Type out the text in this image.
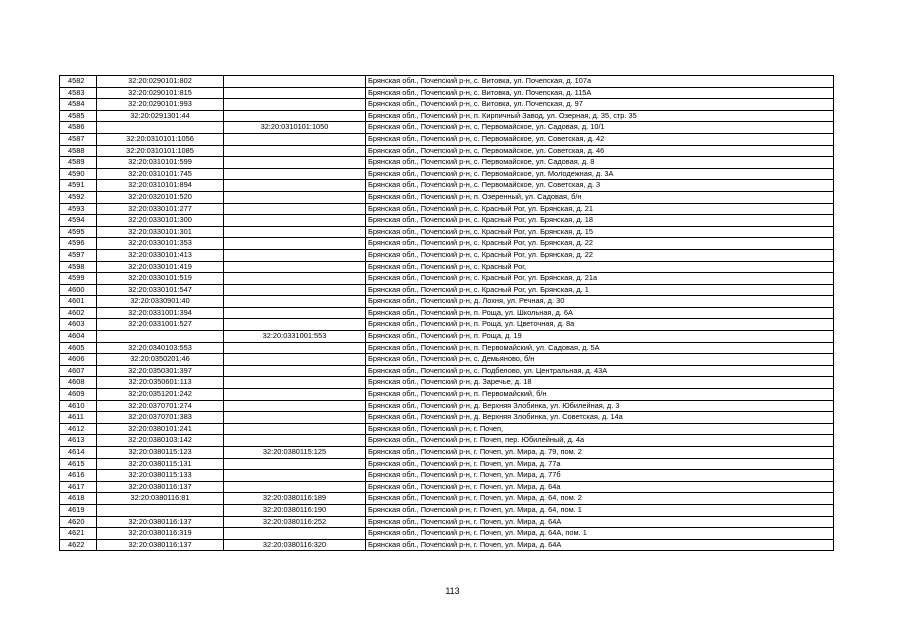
4582	32:20:0290101:802		Брянская обл., Почепский р-н, с. Витовка, ул. Почепская, д. 107а
4583	32:20:0290101:815		Брянская обл., Почепский р-н, с. Витовка, ул. Почепская, д. 115А
4584	32:20:0290101:993		Брянская обл., Почепский р-н, с. Витовка, ул. Почепская, д. 97
4585	32:20:0291301:44		Брянская обл., Почепский р-н, п. Кирпичный Завод, ул. Озерная, д. 35, стр. 35
4586		32:20:0310101:1050	Брянская обл., Почепский р-н, с. Первомайское, ул. Садовая, д. 10/1
4587	32:20:0310101:1056		Брянская обл., Почепский р-н, с. Первомайское, ул. Советская, д. 42
4588	32:20:0310101:1085		Брянская обл., Почепский р-н, с. Первомайское, ул. Советская, д. 46
4589	32:20:0310101:599		Брянская обл., Почепский р-н, с. Первомайское, ул. Садовая, д. 8
4590	32:20:0310101:745		Брянская обл., Почепский р-н, с. Первомайское, ул. Молодежная, д. 3А
4591	32:20:0310101:894		Брянская обл., Почепский р-н, с. Первомайское, ул. Советская, д. 3
4592	32:20:0320101:520		Брянская обл., Почепский р-н, п. Озеренный, ул. Садовая, б/н
4593	32:20:0330101:277		Брянская обл., Почепский р-н, с. Красный Рог, ул. Брянская, д. 21
4594	32:20:0330101:300		Брянская обл., Почепский р-н, с. Красный Рог, ул. Брянская, д. 18
4595	32:20:0330101:301		Брянская обл., Почепский р-н, с. Красный Рог, ул. Брянская, д. 15
4596	32:20:0330101:353		Брянская обл., Почепский р-н, с. Красный Рог, ул. Брянская, д. 22
4597	32:20:0330101:413		Брянская обл., Почепский р-н, с. Красный Рог, ул. Брянская, д. 22
4598	32:20:0330101:419		Брянская обл., Почепский р-н, с. Красный Рог,
4599	32:20:0330101:519		Брянская обл., Почепский р-н, с. Красный Рог, ул. Брянская, д. 21а
4600	32:20:0330101:547		Брянская обл., Почепский р-н, с. Красный Рог, ул. Брянская, д. 1
4601	32:20:0330901:40		Брянская обл., Почепский р-н, д. Лохня, ул. Речная, д. 30
4602	32:20:0331001:394		Брянская обл., Почепский р-н, п. Роща, ул. Школьная, д. 6А
4603	32:20:0331001:527		Брянская обл., Почепский р-н, п. Роща, ул. Цветочная, д. 8а
4604		32:20:0331001:553	Брянская обл., Почепский р-н, п. Роща, д. 19
4605	32:20:0340103:553		Брянская обл., Почепский р-н, п. Первомайский, ул. Садовая, д. 5А
4606	32:20:0350201:46		Брянская обл., Почепский р-н, с. Демьяново, б/н
4607	32:20:0350301:397		Брянская обл., Почепский р-н, с. Подбелово, ул. Центральная, д. 43А
4608	32:20:0350601:113		Брянская обл., Почепский р-н, д. Заречье, д. 18
4609	32:20:0351201:242		Брянская обл., Почепский р-н, п. Первомайский, б/н
4610	32:20:0370701:274		Брянская обл., Почепский р-н, д. Верхняя Злобинка, ул. Юбилейная, д. 3
4611	32:20:0370701:383		Брянская обл., Почепский р-н, д. Верхняя Злобинка, ул. Советская, д. 14а
4612	32:20:0380101:241		Брянская обл., Почепский р-н, г. Почеп,
4613	32:20:0380103:142		Брянская обл., Почепский р-н, г. Почеп, пер. Юбилейный, д. 4а
4614	32:20:0380115:123	32:20:0380115:125	Брянская обл., Почепский р-н, г. Почеп, ул. Мира, д. 79, пом. 2
4615	32:20:0380115:131		Брянская обл., Почепский р-н, г. Почеп, ул. Мира, д. 77а
4616	32:20:0380115:133		Брянская обл., Почепский р-н, г. Почеп, ул. Мира, д. 77б
4617	32:20:0380116:137		Брянская обл., Почепский р-н, г. Почеп, ул. Мира, д. 64а
4618	32:20:0380116:81	32:20:0380116:189	Брянская обл., Почепский р-н, г. Почеп, ул. Мира, д. 64, пом. 2
4619		32:20:0380116:190	Брянская обл., Почепский р-н, г. Почеп, ул. Мира, д. 64, пом. 1
4620	32:20:0380116:137	32:20:0380116:252	Брянская обл., Почепский р-н, г. Почеп, ул. Мира, д. 64А
4621	32:20:0380116:319		Брянская обл., Почепский р-н, г. Почеп, ул. Мира, д. 64А, пом. 1
4622	32:20:0380116:137	32:20:0380116:320	Брянская обл., Почепский р-н, г. Почеп, ул. Мира, д. 64А
113
